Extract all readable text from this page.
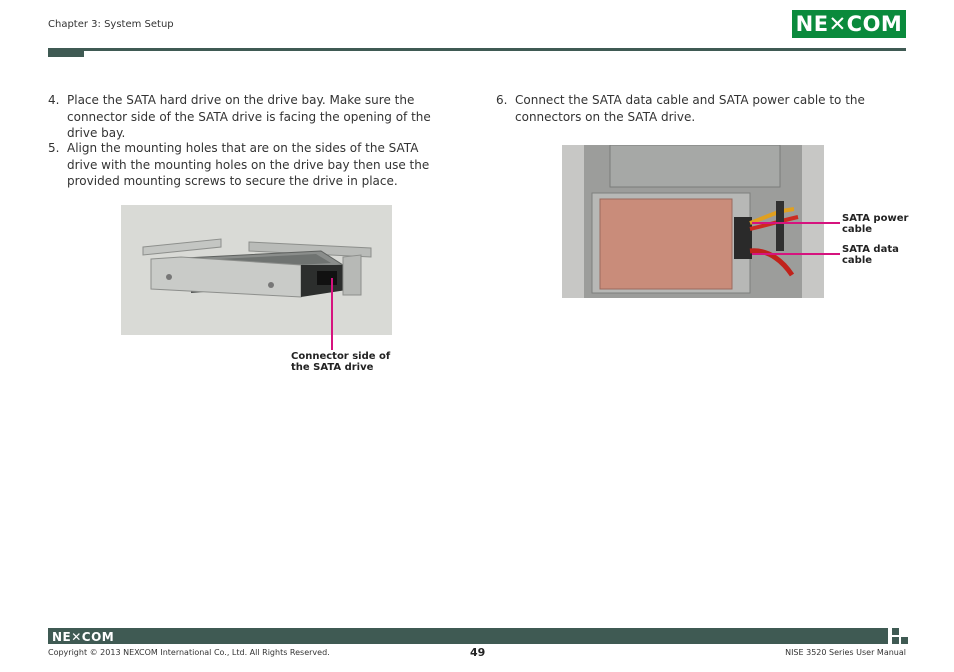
Chapter 3: System Setup	NE✕COM
4. Place the SATA hard drive on the drive bay. Make sure the connector side of the SATA drive is facing the opening of the drive bay.
5. Align the mounting holes that are on the sides of the SATA drive with the mounting holes on the drive bay then use the provided mounting screws to secure the drive in place.
6. Connect the SATA data cable and SATA power cable to the connectors on the SATA drive.
Connector side of the SATA drive
SATA power cable
SATA data cable
NE✕COM
Copyright © 2013 NEXCOM International Co., Ltd. All Rights Reserved.	49	NISE 3520 Series User Manual
